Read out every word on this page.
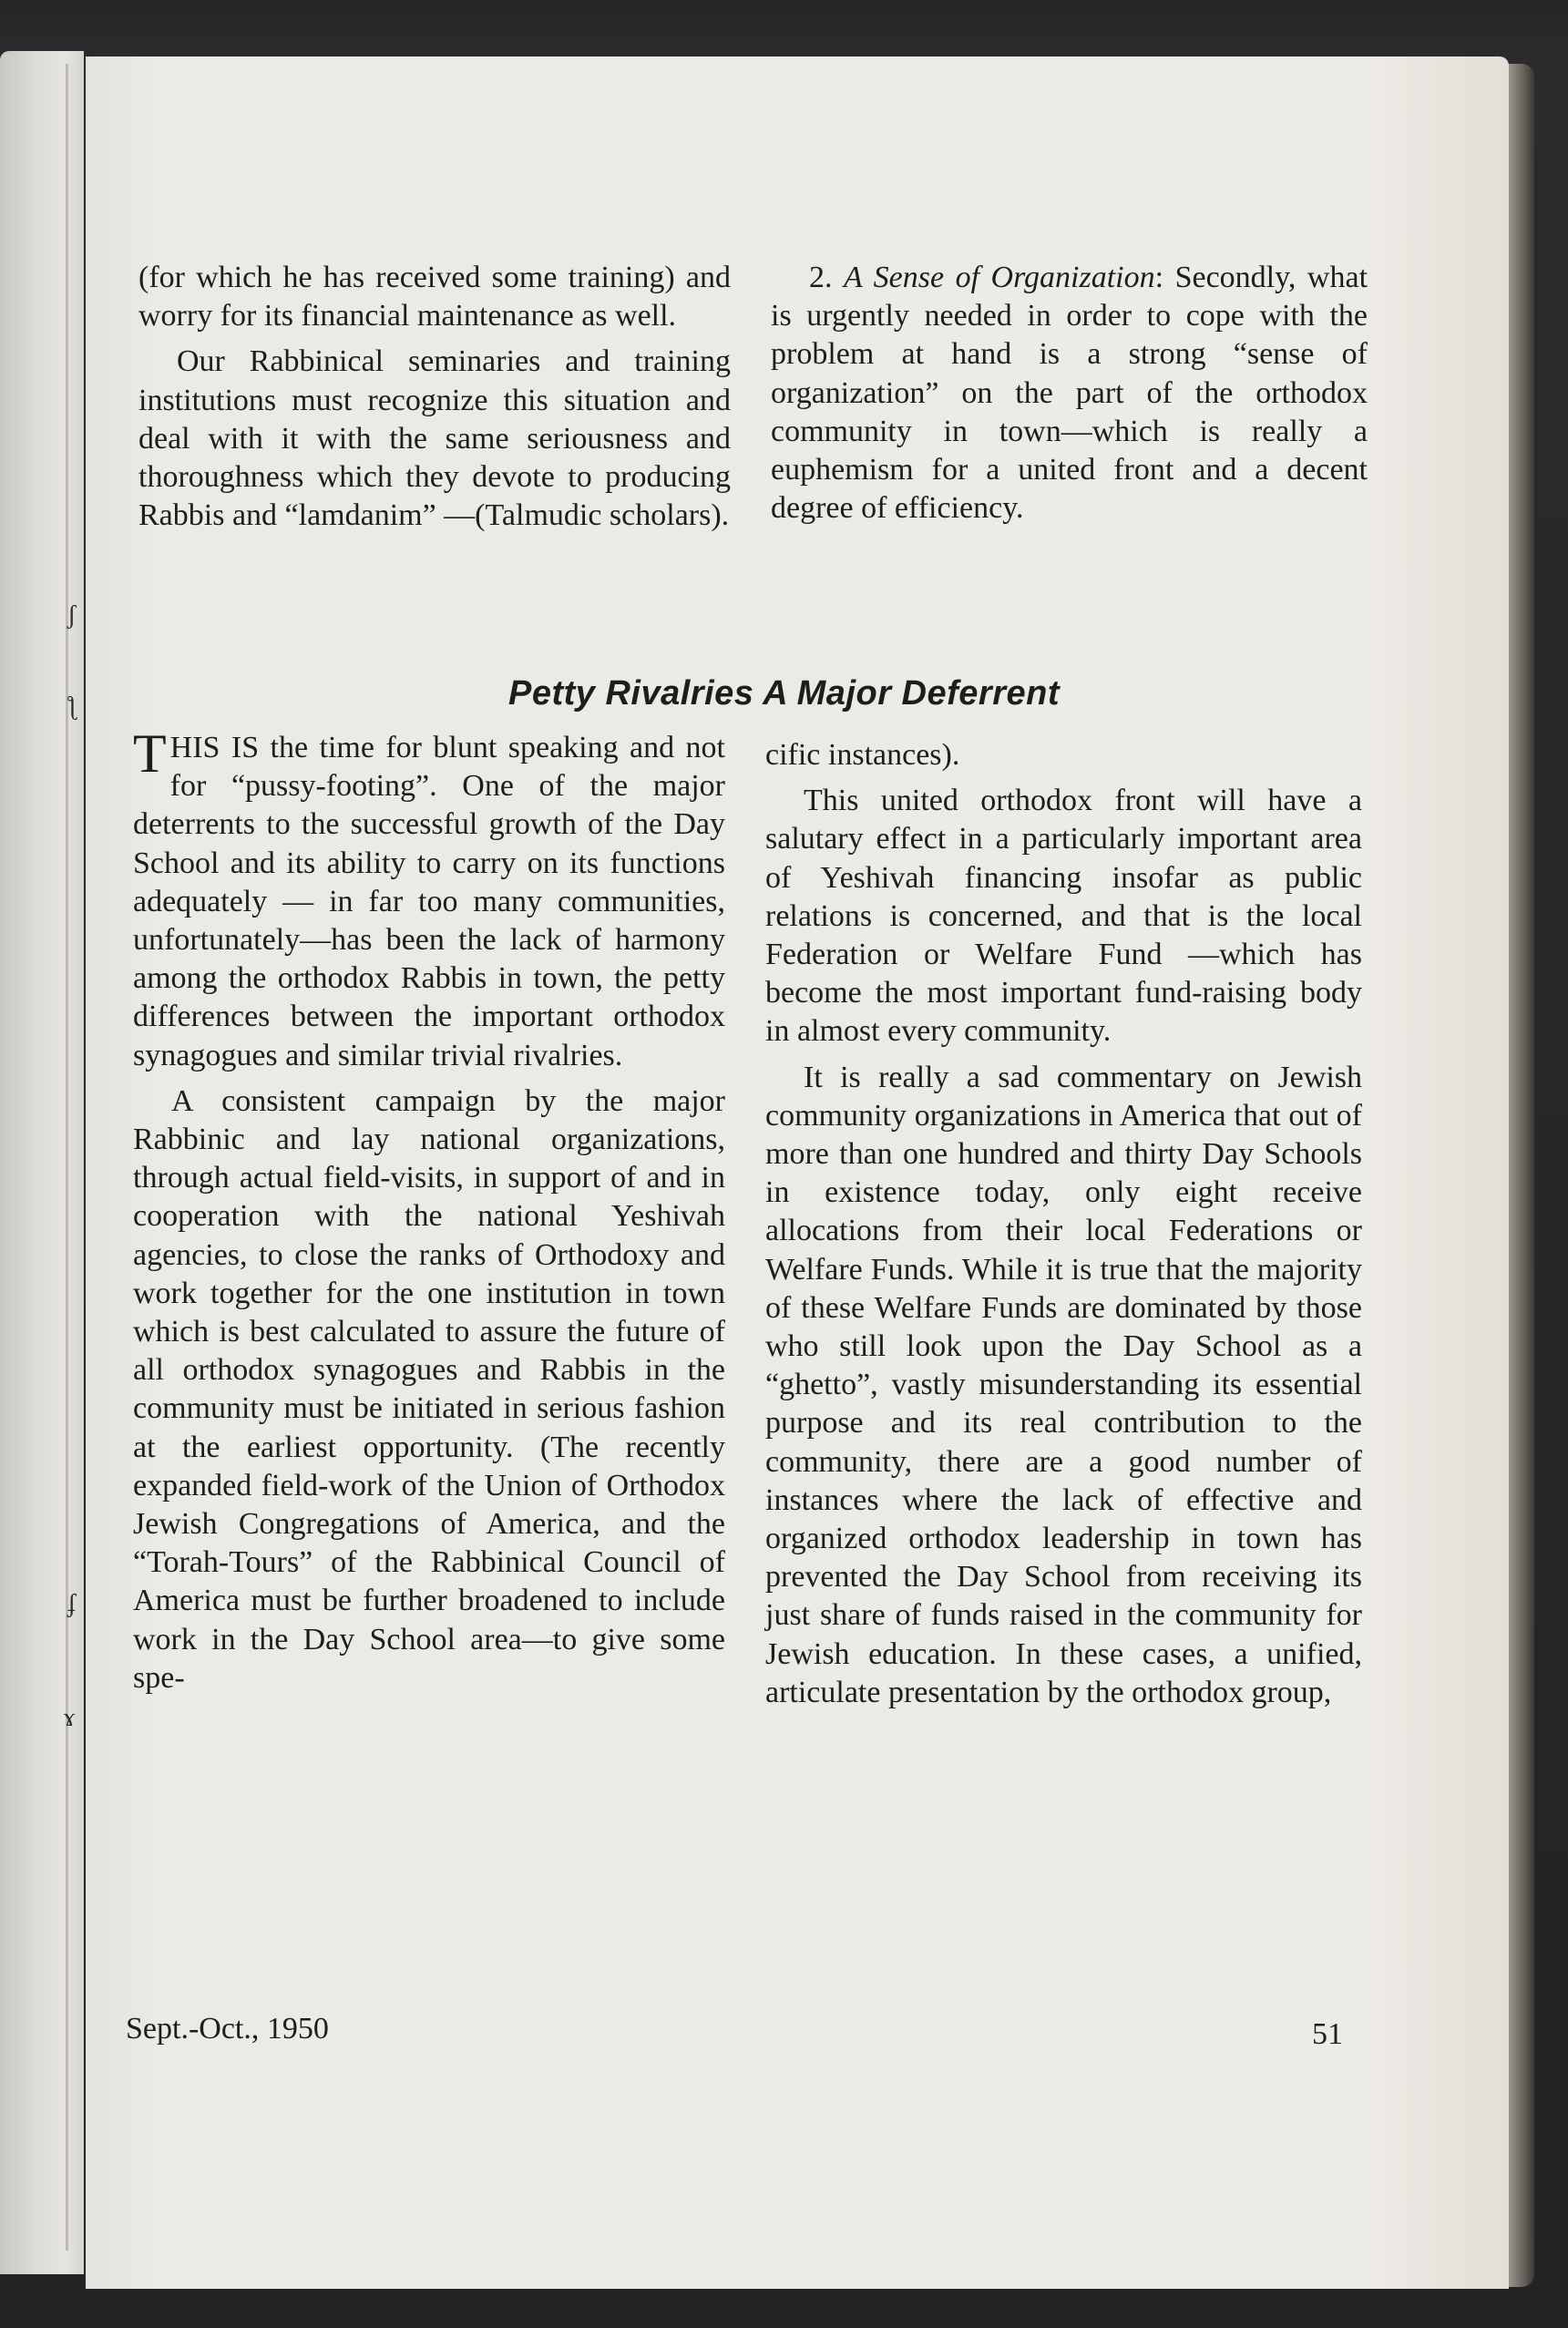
ʃ
ƪ
ʄ
ɤ

(for which he has received some training) and worry for its financial maintenance as well.

Our Rabbinical seminaries and training institutions must recognize this situation and deal with it with the same seriousness and thoroughness which they devote to producing Rabbis and “lamdanim” —(Talmudic scholars).

2. A Sense of Organization: Secondly, what is urgently needed in order to cope with the problem at hand is a strong “sense of organization” on the part of the orthodox community in town—which is really a euphemism for a united front and a decent degree of efficiency.

Petty Rivalries A Major Deferrent

THIS IS the time for blunt speaking and not for “pussy-footing”. One of the major deterrents to the successful growth of the Day School and its ability to carry on its functions adequately — in far too many communities, unfortunately—has been the lack of harmony among the orthodox Rabbis in town, the petty differences between the important orthodox synagogues and similar trivial rivalries.

A consistent campaign by the major Rabbinic and lay national organizations, through actual field-visits, in support of and in cooperation with the national Yeshivah agencies, to close the ranks of Orthodoxy and work together for the one institution in town which is best calculated to assure the future of all orthodox synagogues and Rabbis in the community must be initiated in serious fashion at the earliest opportunity. (The recently expanded field-work of the Union of Orthodox Jewish Congregations of America, and the “Torah-Tours” of the Rabbinical Council of America must be further broadened to include work in the Day School area—to give some spe-

cific instances).

This united orthodox front will have a salutary effect in a particularly important area of Yeshivah financing insofar as public relations is concerned, and that is the local Federation or Welfare Fund —which has become the most important fund-raising body in almost every community.

It is really a sad commentary on Jewish community organizations in America that out of more than one hundred and thirty Day Schools in existence today, only eight receive allocations from their local Federations or Welfare Funds. While it is true that the majority of these Welfare Funds are dominated by those who still look upon the Day School as a “ghetto”, vastly misunderstanding its essential purpose and its real contribution to the community, there are a good number of instances where the lack of effective and organized orthodox leadership in town has prevented the Day School from receiving its just share of funds raised in the community for Jewish education. In these cases, a unified, articulate presentation by the orthodox group,

Sept.-Oct., 1950	51
